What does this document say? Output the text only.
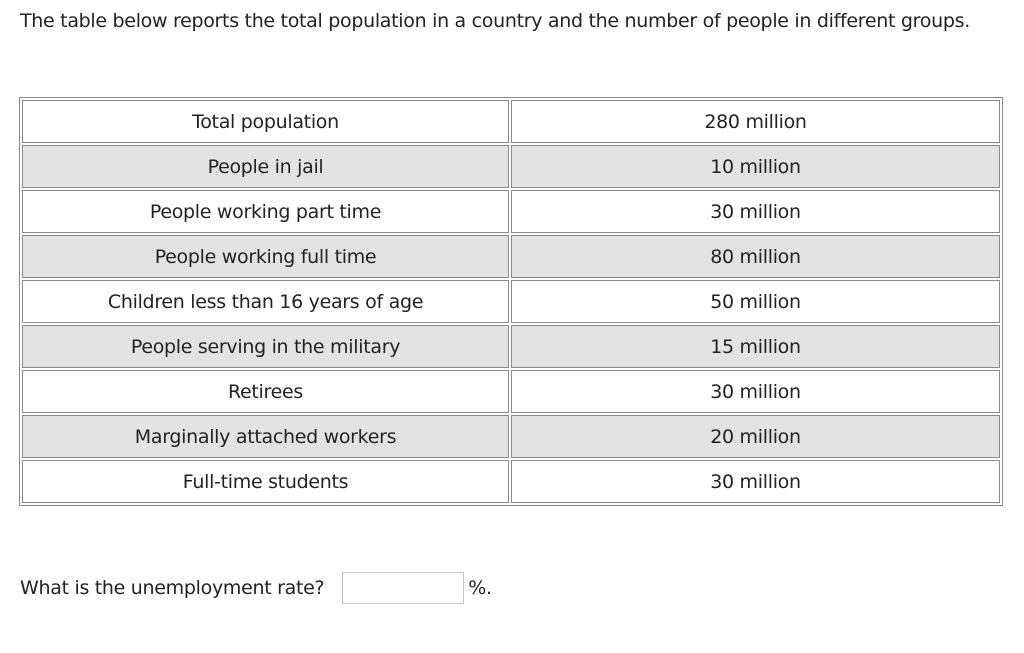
The table below reports the total population in a country and the number of people in different groups.
Total population	280 million
People in jail	10 million
People working part time	30 million
People working full time	80 million
Children less than 16 years of age	50 million
People serving in the military	15 million
Retirees	30 million
Marginally attached workers	20 million
Full-time students	30 million
What is the unemployment rate?	%.
